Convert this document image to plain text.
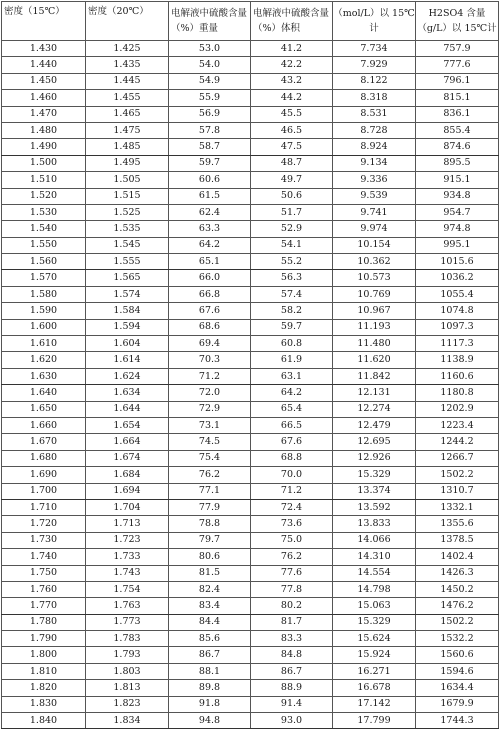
密度（15℃）	密度（20℃）	电解液中硫酸含量（%）重量	电解液中硫酸含量（%）体积	（mol/L）以 15℃计	H2SO4 含量（g/L）以 15℃计
1.430	1.425	53.0	41.2	7.734	757.9
1.440	1.435	54.0	42.2	7.929	777.6
1.450	1.445	54.9	43.2	8.122	796.1
1.460	1.455	55.9	44.2	8.318	815.1
1.470	1.465	56.9	45.5	8.531	836.1
1.480	1.475	57.8	46.5	8.728	855.4
1.490	1.485	58.7	47.5	8.924	874.6
1.500	1.495	59.7	48.7	9.134	895.5
1.510	1.505	60.6	49.7	9.336	915.1
1.520	1.515	61.5	50.6	9.539	934.8
1.530	1.525	62.4	51.7	9.741	954.7
1.540	1.535	63.3	52.9	9.974	974.8
1.550	1.545	64.2	54.1	10.154	995.1
1.560	1.555	65.1	55.2	10.362	1015.6
1.570	1.565	66.0	56.3	10.573	1036.2
1.580	1.574	66.8	57.4	10.769	1055.4
1.590	1.584	67.6	58.2	10.967	1074.8
1.600	1.594	68.6	59.7	11.193	1097.3
1.610	1.604	69.4	60.8	11.480	1117.3
1.620	1.614	70.3	61.9	11.620	1138.9
1.630	1.624	71.2	63.1	11.842	1160.6
1.640	1.634	72.0	64.2	12.131	1180.8
1.650	1.644	72.9	65.4	12.274	1202.9
1.660	1.654	73.1	66.5	12.479	1223.4
1.670	1.664	74.5	67.6	12.695	1244.2
1.680	1.674	75.4	68.8	12.926	1266.7
1.690	1.684	76.2	70.0	15.329	1502.2
1.700	1.694	77.1	71.2	13.374	1310.7
1.710	1.704	77.9	72.4	13.592	1332.1
1.720	1.713	78.8	73.6	13.833	1355.6
1.730	1.723	79.7	75.0	14.066	1378.5
1.740	1.733	80.6	76.2	14.310	1402.4
1.750	1.743	81.5	77.6	14.554	1426.3
1.760	1.754	82.4	77.8	14.798	1450.2
1.770	1.763	83.4	80.2	15.063	1476.2
1.780	1.773	84.4	81.7	15.329	1502.2
1.790	1.783	85.6	83.3	15.624	1532.2
1.800	1.793	86.7	84.8	15.924	1560.6
1.810	1.803	88.1	86.7	16.271	1594.6
1.820	1.813	89.8	88.9	16.678	1634.4
1.830	1.823	91.8	91.4	17.142	1679.9
1.840	1.834	94.8	93.0	17.799	1744.3
